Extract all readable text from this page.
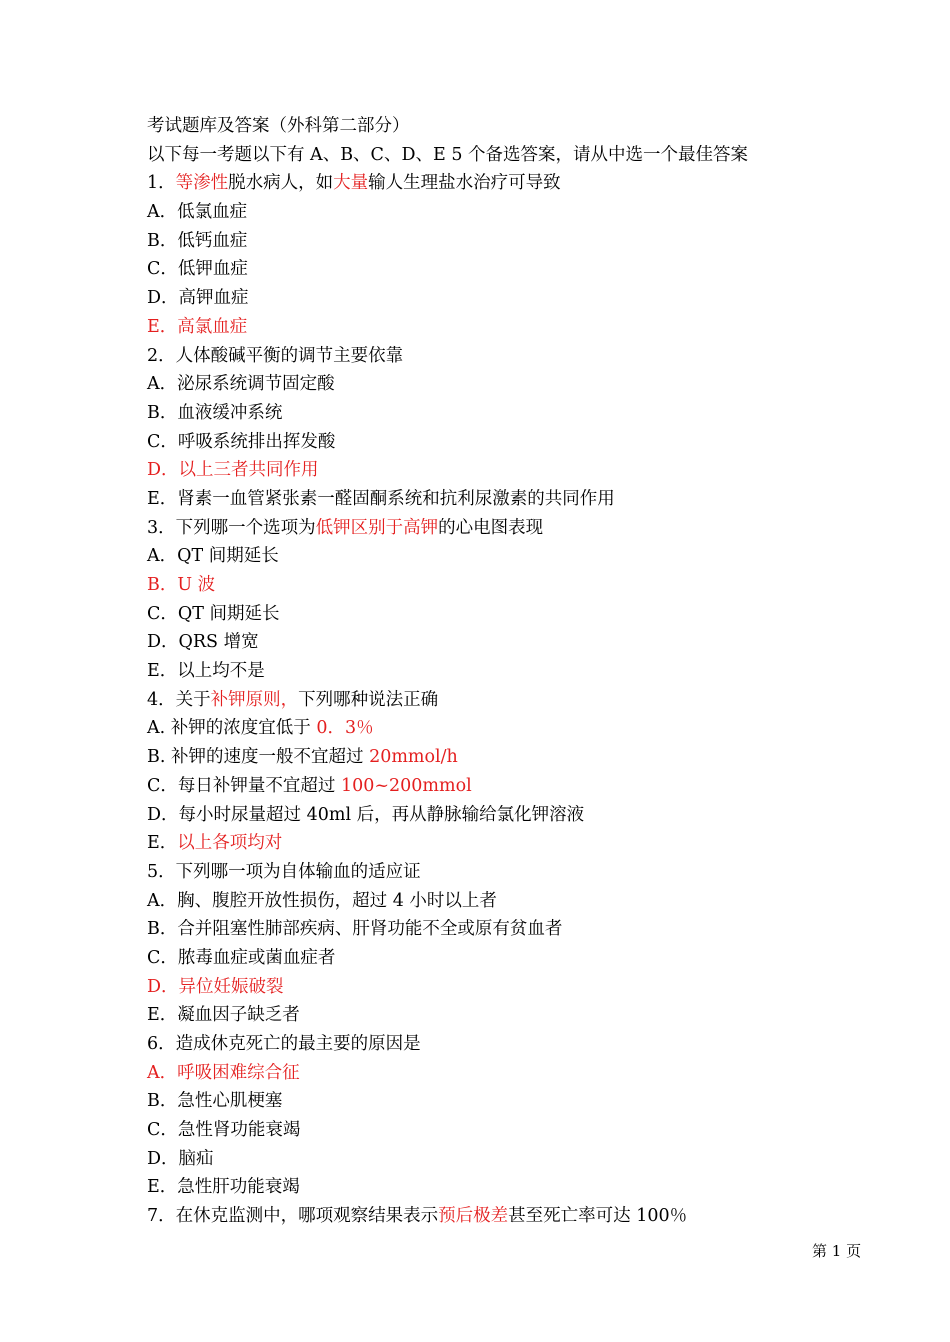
考试题库及答案（外科第二部分）
以下每一考题以下有 A、B、C、D、E 5 个备选答案，请从中选一个最佳答案
1．等渗性脱水病人，如大量输人生理盐水治疗可导致
A．低氯血症
B．低钙血症
C．低钾血症
D．高钾血症
E．高氯血症
2．人体酸碱平衡的调节主要依靠
A．泌尿系统调节固定酸
B．血液缓冲系统
C．呼吸系统排出挥发酸
D．以上三者共同作用
E．肾素一血管紧张素一醛固酮系统和抗利尿激素的共同作用
3．下列哪一个选项为低钾区别于高钾的心电图表现
A．QT 间期延长
B．U 波
C．QT 间期延长
D．QRS 增宽
E．以上均不是
4．关于补钾原则，下列哪种说法正确
A. 补钾的浓度宜低于 0．3％
B. 补钾的速度一般不宜超过 20mmol/h
C．每日补钾量不宜超过 100~200mmol
D．每小时尿量超过 40ml 后，再从静脉输给氯化钾溶液
E．以上各项均对
5．下列哪一项为自体输血的适应证
A．胸、腹腔开放性损伤，超过 4 小时以上者
B．合并阻塞性肺部疾病、肝肾功能不全或原有贫血者
C．脓毒血症或菌血症者
D．异位妊娠破裂
E．凝血因子缺乏者
6．造成休克死亡的最主要的原因是
A．呼吸困难综合征
B．急性心肌梗塞
C．急性肾功能衰竭
D．脑疝
E．急性肝功能衰竭
7．在休克监测中，哪项观察结果表示预后极差甚至死亡率可达 100％
第 1 页
